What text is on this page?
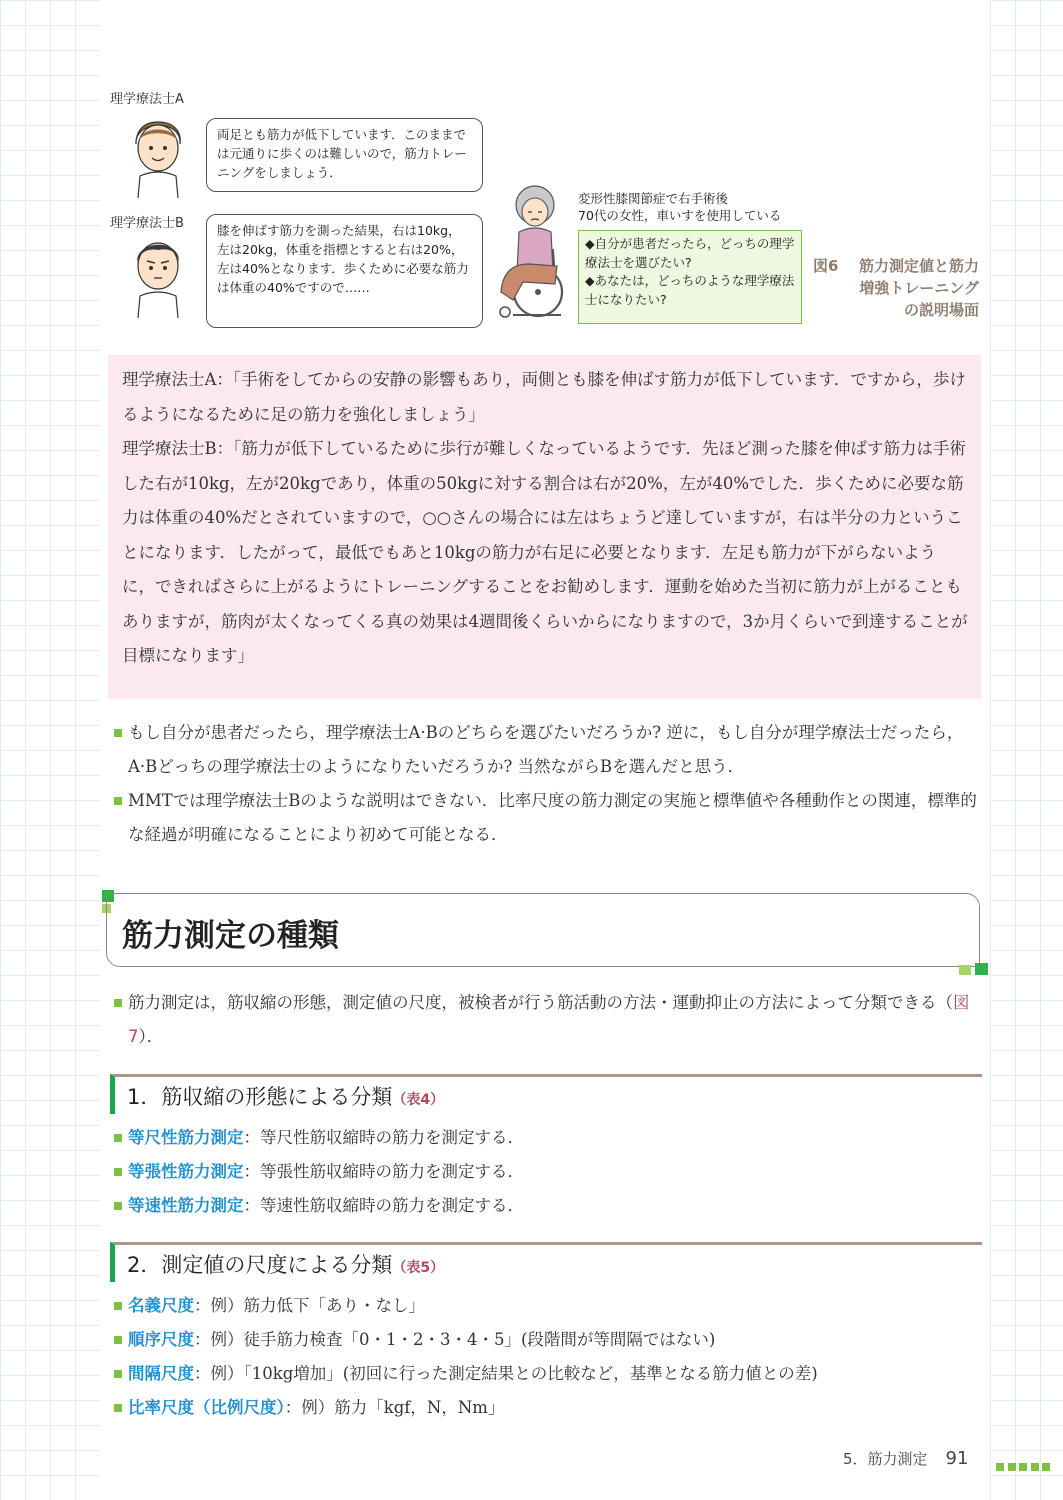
理学療法士A
両足とも筋力が低下しています．このままでは元通りに歩くのは難しいので，筋力トレーニングをしましょう．
理学療法士B	膝を伸ばす筋力を測った結果，右は10kg，左は20kg，体重を指標とすると右は20%，左は40%となります．歩くために必要な筋力は体重の40%ですので……
変形性膝関節症で右手術後
70代の女性，車いすを使用している
◆自分が患者だったら，どっちの理学療法士を選びたい?
◆あなたは，どっちのような理学療法士になりたい?
図6 筋力測定値と筋力増強トレーニングの説明場面

理学療法士A：「手術をしてからの安静の影響もあり，両側とも膝を伸ばす筋力が低下しています．ですから，歩けるようになるために足の筋力を強化しましょう」

理学療法士B：「筋力が低下しているために歩行が難しくなっているようです．先ほど測った膝を伸ばす筋力は手術した右が10kg，左が20kgであり，体重の50kgに対する割合は右が20%，左が40%でした．歩くために必要な筋力は体重の40%だとされていますので，○○さんの場合には左はちょうど達していますが，右は半分の力ということになります．したがって，最低でもあと10kgの筋力が右足に必要となります．左足も筋力が下がらないように，できればさらに上がるようにトレーニングすることをお勧めします．運動を始めた当初に筋力が上がることもありますが，筋肉が太くなってくる真の効果は4週間後くらいからになりますので，3か月くらいで到達することが目標になります」

もし自分が患者だったら，理学療法士A·Bのどちらを選びたいだろうか? 逆に，もし自分が理学療法士だったら，A·Bどっちの理学療法士のようになりたいだろうか? 当然ながらBを選んだと思う．
MMTでは理学療法士Bのような説明はできない．比率尺度の筋力測定の実施と標準値や各種動作との関連，標準的な経過が明確になることにより初めて可能となる．
筋力測定の種類
筋力測定は，筋収縮の形態，測定値の尺度，被検者が行う筋活動の方法・運動抑止の方法によって分類できる（図7）．
1．筋収縮の形態による分類（表4）
等尺性筋力測定：等尺性筋収縮時の筋力を測定する．
等張性筋力測定：等張性筋収縮時の筋力を測定する．
等速性筋力測定：等速性筋収縮時の筋力を測定する．
2．測定値の尺度による分類（表5）
名義尺度：例）筋力低下「あり・なし」
順序尺度：例）徒手筋力検査「0・1・2・3・4・5」(段階間が等間隔ではない)
間隔尺度：例）「10kg増加」(初回に行った測定結果との比較など，基準となる筋力値との差)
比率尺度（比例尺度）：例）筋力「kgf，N，Nm」
5．筋力測定 91
